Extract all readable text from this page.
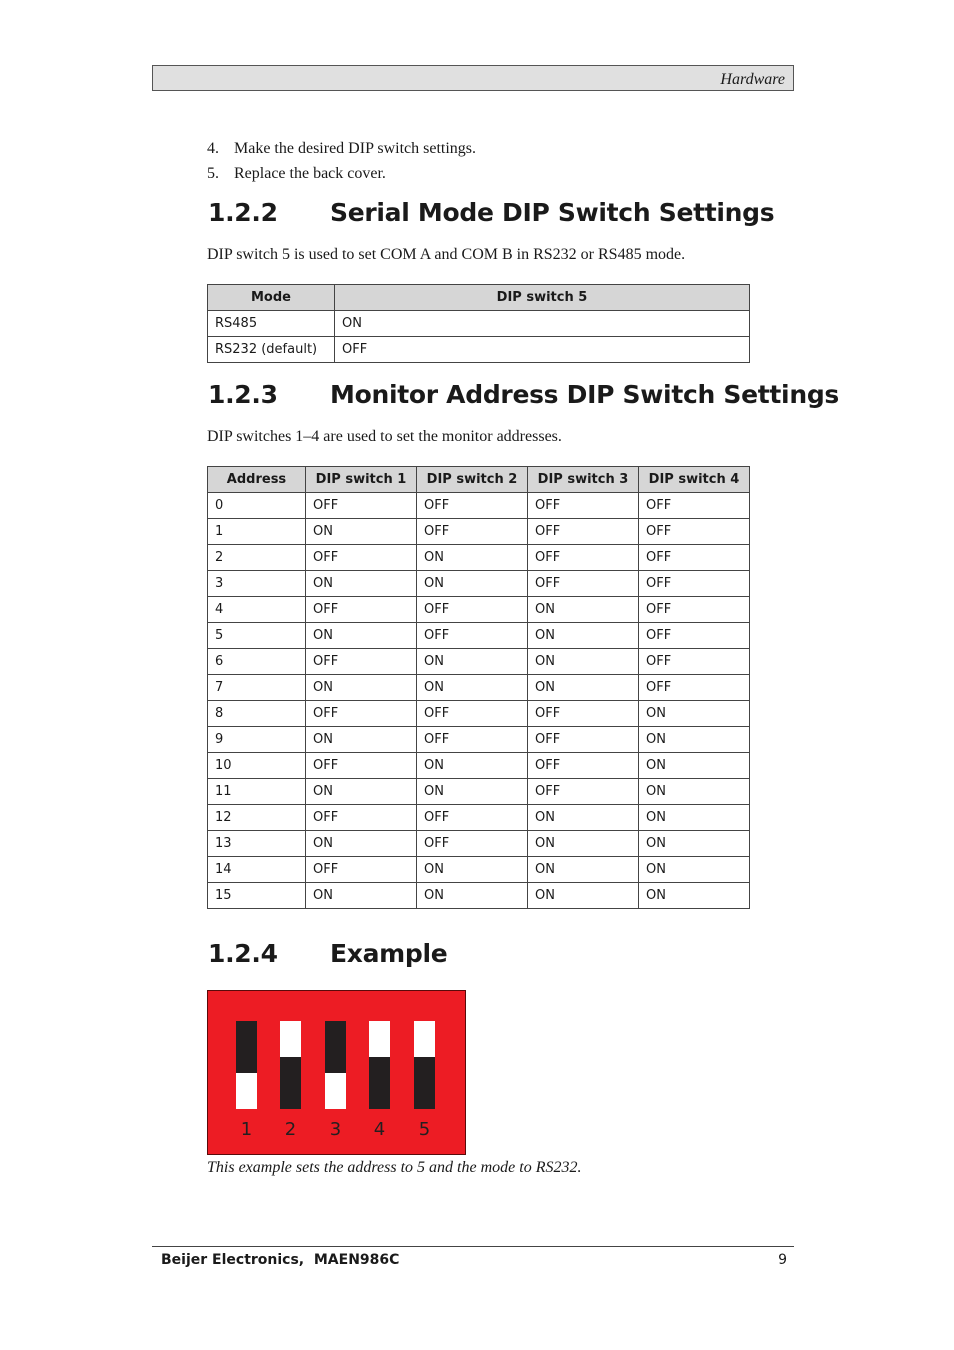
Hardware
4. Make the desired DIP switch settings.
5. Replace the back cover.
1.2.2 Serial Mode DIP Switch Settings

DIP switch 5 is used to set COM A and COM B in RS232 or RS485 mode.

Mode	DIP switch 5
RS485	ON
RS232 (default)	OFF
1.2.3 Monitor Address DIP Switch Settings

DIP switches 1–4 are used to set the monitor addresses.

Address	DIP switch 1	DIP switch 2	DIP switch 3	DIP switch 4
0	OFF	OFF	OFF	OFF
1	ON	OFF	OFF	OFF
2	OFF	ON	OFF	OFF
3	ON	ON	OFF	OFF
4	OFF	OFF	ON	OFF
5	ON	OFF	ON	OFF
6	OFF	ON	ON	OFF
7	ON	ON	ON	OFF
8	OFF	OFF	OFF	ON
9	ON	OFF	OFF	ON
10	OFF	ON	OFF	ON
11	ON	ON	OFF	ON
12	OFF	OFF	ON	ON
13	ON	OFF	ON	ON
14	OFF	ON	ON	ON
15	ON	ON	ON	ON
1.2.4 Example
1 2 3 4 5

This example sets the address to 5 and the mode to RS232.

Beijer Electronics,  MAEN986C	9
